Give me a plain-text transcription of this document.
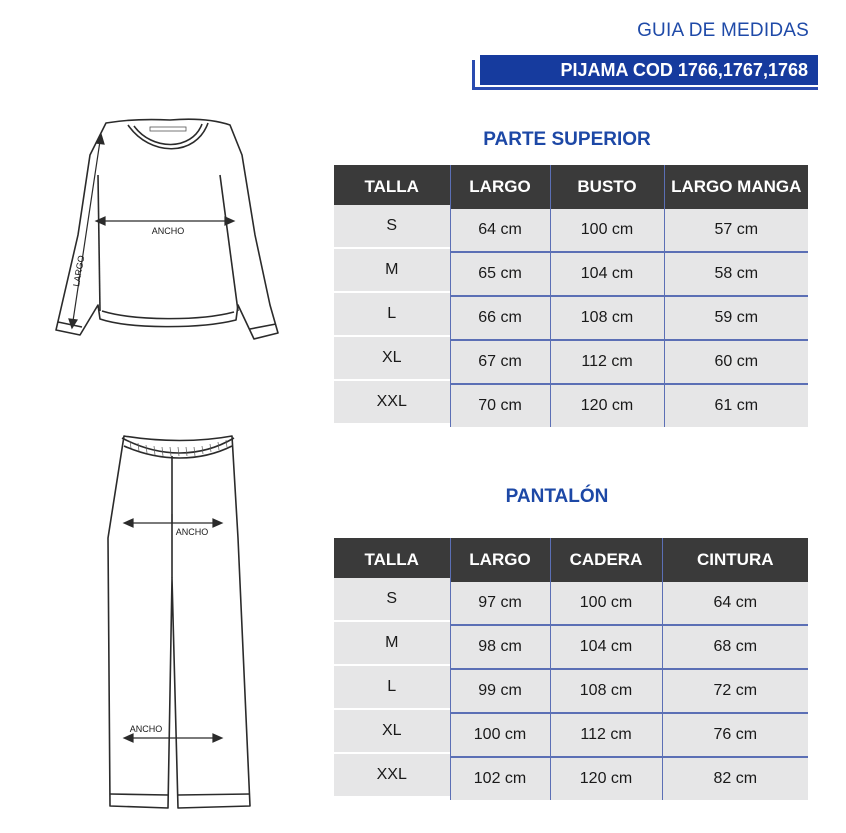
GUIA DE MEDIDAS
PIJAMA COD 1766,1767,1768
ANCHO
LARGO
ANCHO
ANCHO
PARTE SUPERIOR
TALLA	LARGO	BUSTO	LARGO MANGA
S	64 cm	100 cm	57 cm
M	65 cm	104 cm	58 cm
L	66 cm	108 cm	59 cm
XL	67 cm	112 cm	60 cm
XXL	70 cm	120 cm	61 cm
PANTALÓN
TALLA	LARGO	CADERA	CINTURA
S	97 cm	100 cm	64 cm
M	98 cm	104 cm	68 cm
L	99 cm	108 cm	72 cm
XL	100 cm	112 cm	76 cm
XXL	102 cm	120 cm	82 cm
